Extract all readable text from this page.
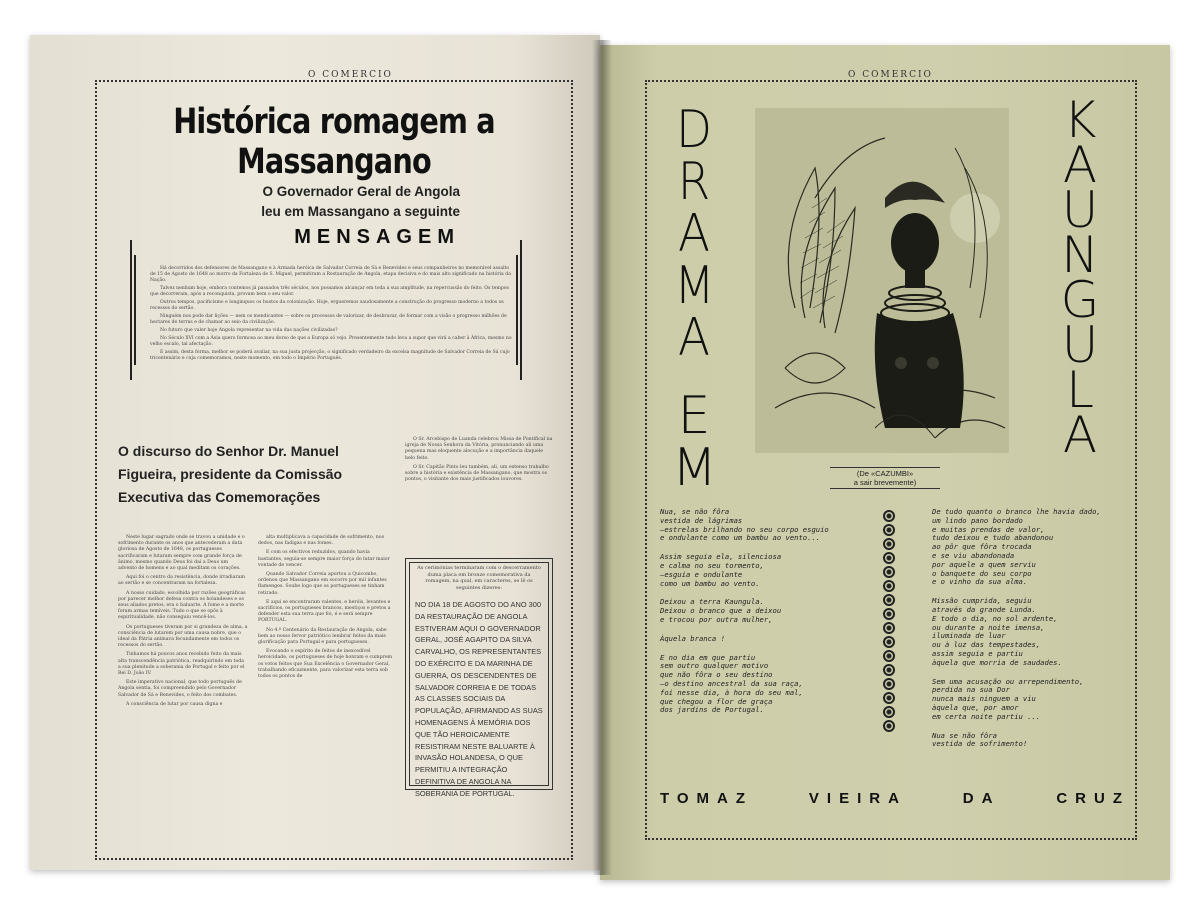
O COMERCIO	O COMERCIO
Histórica romagem a Massangano
O Governador Geral de Angola
leu em Massangano a seguinte
MENSAGEM

Há decorridos dos defensores de Massangano e à Armada heróica de Salvador Correia de Sá e Benevides e seus companheiros no memorável assalto de 15 de Agosto de 1648 ao morro da Fortaleza de S. Miguel, permitiram a Restauração de Angola, etapa decisiva e do mais alto significado na história da Nação.

Talvez nenhum hoje, embora contemos já passados três séculos, nos possamos alcançar em toda a sua amplitude, na repercussão do feito. Os tempos que decorreram, após a reconquista, provam bem o seu valor.

Outros tempos, pacificismo e longinquos os bustos da colonização. Hoje, ergueremos saudosamente a construção do progresso moderno a todos os recessos do sertão.

Ninguém nos pode dar lições — nem os mendicantes — sobre os processos de valorizar, de desbravar, de formar com a visão o progresso milhões de hectares de terras e de chamar ao seio da civilização.

No futuro que valer hoje Angola representar na vida das nações civilizadas?

No Século XVI com a Ásia quero formosa ao meu dorso de que a Europa só vejo. Presentemente tudo leva a supor que virá a caber à África, mesmo no velho escalo, tal afectação.

E assim, desta forma, melhor se poderá avaliar, na sua justa projecção, o significado verdadeiro da excelsa magnitude de Salvador Correia de Sá cujo tricentenário e cuja comemoramos, neste momento, em todo o Império Português.

O discurso do Senhor Dr. Manuel
Figueira, presidente da Comissão
Executiva das Comemorações

Neste lugar sagrado onde se travou a unidade e o sofrimento durante os anos que antecederam a data gloriosa de Agosto de 1648, os portugueses sacrificaram e lutaram sempre com grande força de ânimo, mesmo quando Deus foi daí a Deus um advento de homens e ao qual meditam os corações.

Aqui foi o centro da resistência, donde irradiaram ao sertão e se concentraram na fortaleza.

A nosso cuidado, escolhida por razões geográficas por parecer melhor defesa contra os holandeses e os seus aliados pretos, era o baluarte. A fome e a morte foram armas temíveis. Tudo o que se opôs à espiritualidade, não conseguiu vencê-los.

Os portugueses tiveram por si grandeza de alma, a consciência de lutarem por uma causa nobre, que o ideal da Pátria animava fecundamente em todos os recessos do sertão.

Tinhamos há poucos anos recebido feito da mais alta transcendência patriótica, readquirindo em toda a sua plenitude a soberania de Portugal e feito por el Rei D. João IV.

Este imperativo nacional, que todo português de Angola sentia, foi compreendido pelo Governador Salvador de Sá e Benevides, o feito dos combates.

A consciência de lutar por causa digna e

alta multiplicava a capacidade de sofrimento, nos dedos, nas fadigas e nas fomes.

E com os efectivos reduzidos, quando havia bastantes, seguia-se sempre maior força do lutar maior vontade de vencer.

Quando Salvador Correia aportou a Quicombo, ordenou que Massangano em socorro por mil infantes flamengos. Soube logo que os portugueses se tinham retirado.

E aqui se encontraram valentes, e heróis, levantes e sacrifícios, os portugueses brancos, mestiços e pretos a defender esta sua terra que foi, é e será sempre PORTUGAL.

No 4.º Centenário da Restauração de Angola, sabe bem ao nosso fervor patriótico lembrar feitos da mais glorificação para Portugal e para portugueses.

Evocando o espírito de feitos de inexcedível heroicidade, os portugueses de hoje honram e cumprem os votos feitos que Sua Excelência o Governador Geral, trabalhando eficazmente, para valorizar esta terra sob todos os pontos de

O Sr. Arcebispo de Luanda celebrou Missa de Pontifical na igreja de Nossa Senhora da Vitória, pronunciando ali uma pequena mas eloquente alocução e a importância daquele belo feito.

O Sr. Capitão Pinto leu também, ali, um extenso trabalho sobre a história e existência de Massangano, que mostra os pontos, o visitante dos mais justificados louvores.

As cerimónias terminaram com o descerramento duma placa em bronze comemorativa da romagem, na qual, em caracteres, se lê os seguintes dizeres:
NO DIA 18 DE AGOSTO DO ANO 300 DA RESTAURAÇÃO DE ANGOLA ESTIVERAM AQUI O GOVERNADOR GERAL, JOSÉ AGAPITO DA SILVA CARVALHO, OS REPRESENTANTES DO EXÉRCITO E DA MARINHA DE GUERRA, OS DESCENDENTES DE SALVADOR CORREIA E DE TODAS AS CLASSES SOCIAIS DA POPULAÇÃO, AFIRMANDO AS SUAS HOMENAGENS À MEMÓRIA DOS QUE TÃO HEROICAMENTE RESISTIRAM NESTE BALUARTE À INVASÃO HOLANDESA, O QUE PERMITIU A INTEGRAÇÃO DEFINITIVA DE ANGOLA NA SOBERANIA DE PORTUGAL.
D
R
A
M
A
E
M
K
A
U
N
G
U
L
A
(De «CAZUMBI»
a sair brevemente)
Nua, se não fôra
vestida de lágrimas
—estrelas brilhando no seu corpo esguio
e ondulante como um bambu ao vento...
Assim seguia ela, silenciosa
e calma no seu tormento,
—esguia e ondulante
como um bambu ao vento.
Deixou a terra Kaungula.
Deixou o branco que a deixou
e trocou por outra mulher,
Àquela branca !
E no dia em que partiu
sem outro qualquer motivo
que não fôra o seu destino
—o destino ancestral da sua raça,
foi nesse dia, à hora do seu mal,
que chegou a flor de graça
dos jardins de Portugal.
De tudo quanto o branco lhe havia dado,
um lindo pano bordado
e muitas prendas de valor,
tudo deixou e tudo abandonou
ao pôr que fôra trocada
e se viu abandonada
por aquele a quem serviu
o banquete do seu corpo
e o vinho da sua alma.
Missão cumprida, seguiu
através da grande Lunda.
E todo o dia, no sol ardente,
ou durante a noite imensa,
iluminada de luar
ou à luz das tempestades,
assim seguia e partiu
àquela que morria de saudades.
Sem uma acusação ou arrependimento,
perdida na sua Dor
nunca mais ninguem a viu
àquela que, por amor
em certa noite partiu ...
Nua se não fôra
vestida de sofrimento!
TOMAZ	VIEIRA	DA	CRUZ
